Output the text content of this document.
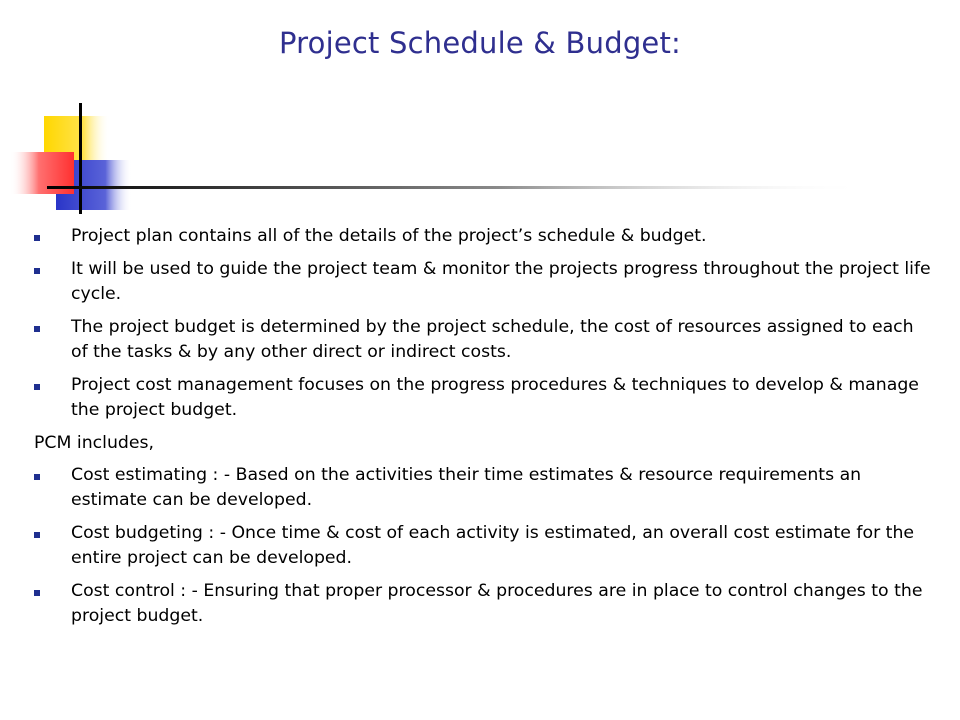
Project Schedule & Budget:
Project plan contains all of the details of the project’s schedule & budget.
It will be used to guide the project team & monitor the projects progress throughout the project life cycle.
The project budget is determined by the project schedule, the cost of resources assigned to each of the tasks & by any other direct or indirect costs.
Project cost management focuses on the progress procedures & techniques to develop & manage the project budget.
PCM includes,
Cost estimating : - Based on the activities their time estimates & resource requirements an estimate can be developed.
Cost budgeting : - Once time & cost of each activity is estimated, an overall cost estimate for the entire project can be developed.
Cost control : - Ensuring that proper processor & procedures are in place to control changes to the project budget.
